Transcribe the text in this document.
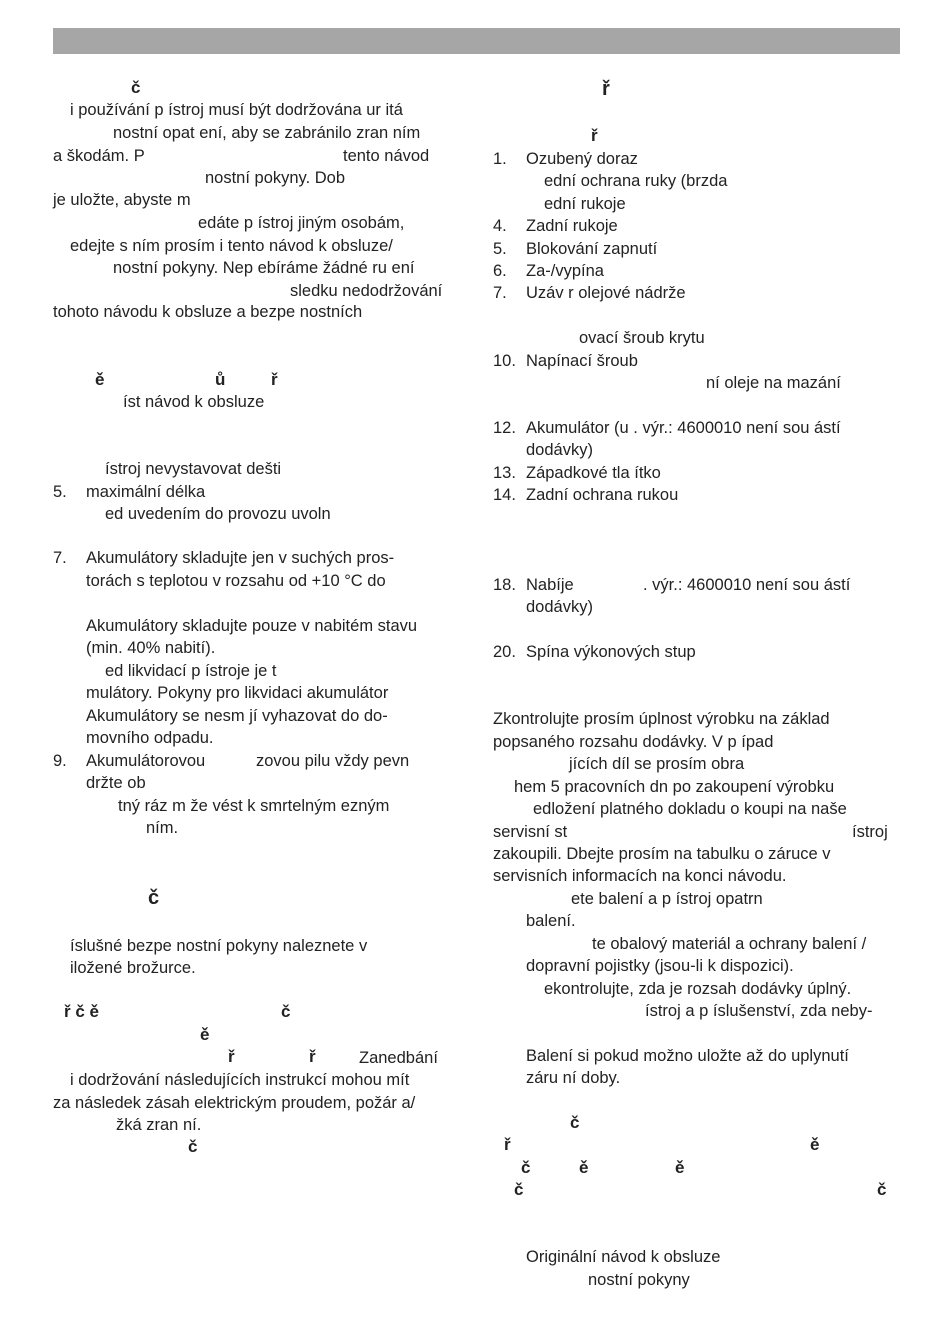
č
i používání p ístroj musí být dodržována ur itá
nostní opat ení, aby se zabránilo zran ním
a škodám. P	tento návod
nostní pokyny. Dob
je uložte, abyste m
edáte p ístroj jiným osobám,
edejte s ním prosím i tento návod k obsluze/
nostní pokyny. Nep ebíráme žádné ru ení
sledku nedodržování
tohoto návodu k obsluze a bezpe nostních
ě	ů	ř
íst návod k obsluze
ístroj nevystavovat dešti
5. maximální délka
ed uvedením do provozu uvoln
7. Akumulátory skladujte jen v suchých pros-
torách s teplotou v rozsahu od +10 °C do
Akumulátory skladujte pouze v nabitém stavu
(min. 40% nabití).
ed likvidací p ístroje je t
mulátory. Pokyny pro likvidaci akumulátor
Akumulátory se nesm jí vyhazovat do do-
movního odpadu.
9. Akumulátorovou	zovou pilu vždy pevn
držte ob
tný ráz m že vést k smrtelným ezným
ním.
č
íslušné bezpe nostní pokyny naleznete v
iložené brožurce.
ř č ě	č
ě
ř	ř	Zanedbání
i dodržování následujících instrukcí mohou mít
za následek zásah elektrickým proudem, požár a/
žká zran ní.
č
ř
ř
1. Ozubený doraz
ední ochrana ruky (brzda
ední rukoje
4. Zadní rukoje
5. Blokování zapnutí
6. Za-/vypína
7. Uzáv r olejové nádrže
ovací šroub krytu
10. Napínací šroub
ní oleje na mazání
12. Akumulátor (u . výr.: 4600010 není sou ástí
dodávky)
13. Západkové tla ítko
14. Zadní ochrana rukou
18. Nabíje	. výr.: 4600010 není sou ástí
dodávky)
20. Spína výkonových stup
Zkontrolujte prosím úplnost výrobku na základ
popsaného rozsahu dodávky. V p ípad
jících díl se prosím obra
hem 5 pracovních dn po zakoupení výrobku
edložení platného dokladu o koupi na naše
servisní st	ístroj
zakoupili. Dbejte prosím na tabulku o záruce v
servisních informacích na konci návodu.
ete balení a p ístroj opatrn
balení.
te obalový materiál a ochrany balení /
dopravní pojistky (jsou-li k dispozici).
ekontrolujte, zda je rozsah dodávky úplný.
ístroj a p íslušenství, zda neby-
Balení si pokud možno uložte až do uplynutí
záru ní doby.
č
ř	ě
č	ě	ě
č	č
Originální návod k obsluze
nostní pokyny
